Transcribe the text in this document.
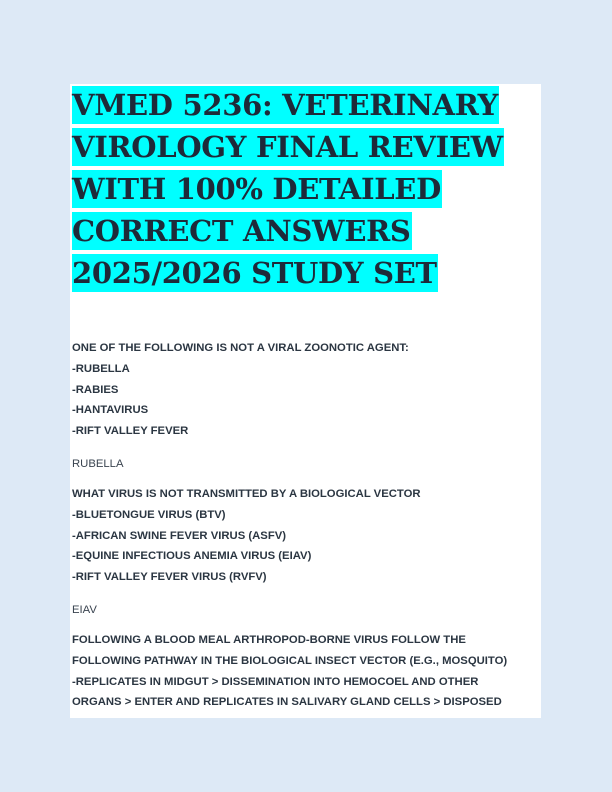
VMED 5236: VETERINARY
VIROLOGY FINAL REVIEW
WITH 100% DETAILED
CORRECT ANSWERS
2025/2026 STUDY SET
ONE OF THE FOLLOWING IS NOT A VIRAL ZOONOTIC AGENT:
-RUBELLA
-RABIES
-HANTAVIRUS
-RIFT VALLEY FEVER
RUBELLA
WHAT VIRUS IS NOT TRANSMITTED BY A BIOLOGICAL VECTOR
-BLUETONGUE VIRUS (BTV)
-AFRICAN SWINE FEVER VIRUS (ASFV)
-EQUINE INFECTIOUS ANEMIA VIRUS (EIAV)
-RIFT VALLEY FEVER VIRUS (RVFV)
EIAV
FOLLOWING A BLOOD MEAL ARTHROPOD-BORNE VIRUS FOLLOW THE
FOLLOWING PATHWAY IN THE BIOLOGICAL INSECT VECTOR (E.G., MOSQUITO)
-REPLICATES IN MIDGUT > DISSEMINATION INTO HEMOCOEL AND OTHER
ORGANS > ENTER AND REPLICATES IN SALIVARY GLAND CELLS > DISPOSED
